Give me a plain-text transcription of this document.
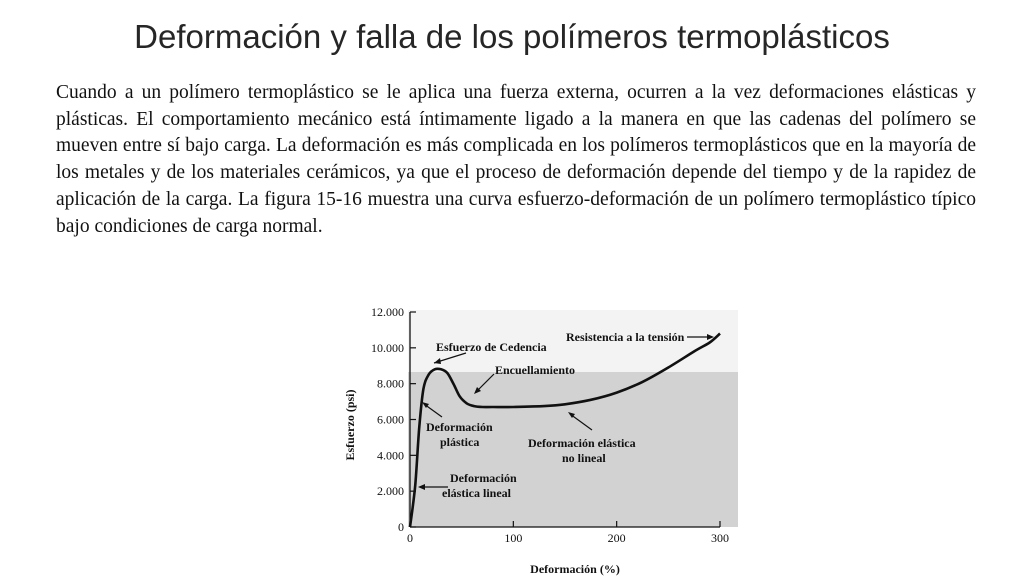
Deformación y falla de los polímeros termoplásticos

Cuando a un polímero termoplástico se le aplica una fuerza externa, ocurren a la vez deformaciones elásticas y plásticas. El comportamiento mecánico está íntimamente ligado a la manera en que las cadenas del polímero se mueven entre sí bajo carga. La deformación es más complicada en los polímeros termoplásticos que en la mayoría de los metales y de los materiales cerámicos, ya que el proceso de deformación depende del tiempo y de la rapidez de aplicación de la carga. La figura 15-16 muestra una curva esfuerzo-deformación de un polímero termoplástico típico bajo condiciones de carga normal.

0
2.000
4.000
6.000
8.000
10.000
12.000
0	100	200	300
Esfuerzo de Cedencia
Resistencia a la tensión
Encuellamiento
Deformación plástica	Deformación elástica no lineal
Deformación elástica lineal
Deformación (%)
Esfuerzo (psi)
